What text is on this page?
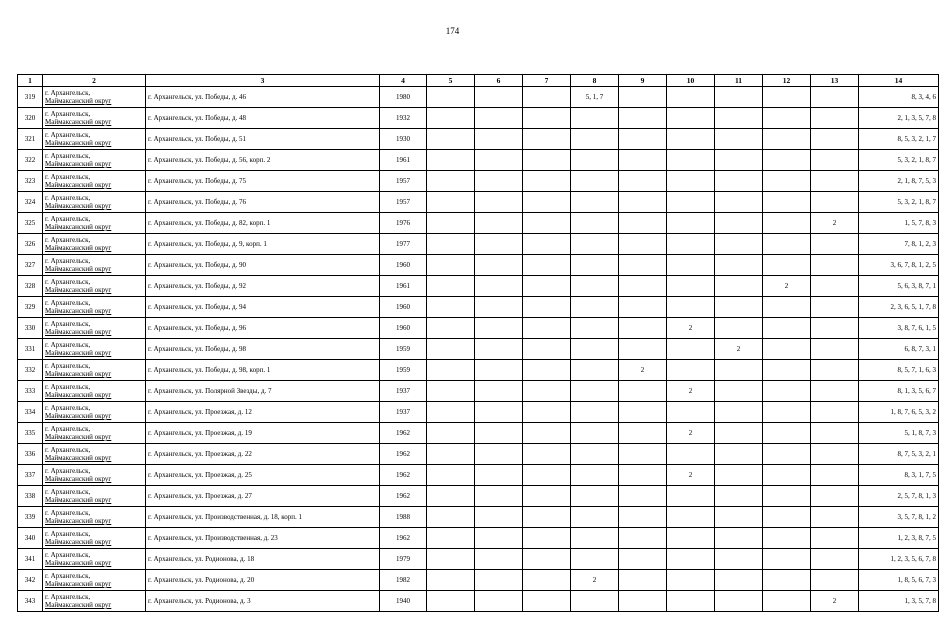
174
1	2	3	4	5	6	7	8	9	10	11	12	13	14
319	г. Архангельск,
Маймаксанский округ	г. Архангельск, ул. Победы, д. 46	1980				5, 1, 7						8, 3, 4, 6
320	г. Архангельск,
Маймаксанский округ	г. Архангельск, ул. Победы, д. 48	1932										2, 1, 3, 5, 7, 8
321	г. Архангельск,
Маймаксанский округ	г. Архангельск, ул. Победы, д. 51	1930										8, 5, 3, 2, 1, 7
322	г. Архангельск,
Маймаксанский округ	г. Архангельск, ул. Победы, д. 56, корп. 2	1961										5, 3, 2, 1, 8, 7
323	г. Архангельск,
Маймаксанский округ	г. Архангельск, ул. Победы, д. 75	1957										2, 1, 8, 7, 5, 3
324	г. Архангельск,
Маймаксанский округ	г. Архангельск, ул. Победы, д. 76	1957										5, 3, 2, 1, 8, 7
325	г. Архангельск,
Маймаксанский округ	г. Архангельск, ул. Победы, д. 82, корп. 1	1976									2	1, 5, 7, 8, 3
326	г. Архангельск,
Маймаксанский округ	г. Архангельск, ул. Победы, д. 9, корп. 1	1977										7, 8, 1, 2, 3
327	г. Архангельск,
Маймаксанский округ	г. Архангельск, ул. Победы, д. 90	1960										3, 6, 7, 8, 1, 2, 5
328	г. Архангельск,
Маймаксанский округ	г. Архангельск, ул. Победы, д. 92	1961								2		5, 6, 3, 8, 7, 1
329	г. Архангельск,
Маймаксанский округ	г. Архангельск, ул. Победы, д. 94	1960										2, 3, 6, 5, 1, 7, 8
330	г. Архангельск,
Маймаксанский округ	г. Архангельск, ул. Победы, д. 96	1960						2				3, 8, 7, 6, 1, 5
331	г. Архангельск,
Маймаксанский округ	г. Архангельск, ул. Победы, д. 98	1959							2			6, 8, 7, 3, 1
332	г. Архангельск,
Маймаксанский округ	г. Архангельск, ул. Победы, д. 98, корп. 1	1959					2					8, 5, 7, 1, 6, 3
333	г. Архангельск,
Маймаксанский округ	г. Архангельск, ул. Полярной Звезды, д. 7	1937						2				8, 1, 3, 5, 6, 7
334	г. Архангельск,
Маймаксанский округ	г. Архангельск, ул. Проезжая, д. 12	1937										1, 8, 7, 6, 5, 3, 2
335	г. Архангельск,
Маймаксанский округ	г. Архангельск, ул. Проезжая, д. 19	1962						2				5, 1, 8, 7, 3
336	г. Архангельск,
Маймаксанский округ	г. Архангельск, ул. Проезжая, д. 22	1962										8, 7, 5, 3, 2, 1
337	г. Архангельск,
Маймаксанский округ	г. Архангельск, ул. Проезжая, д. 25	1962						2				8, 3, 1, 7, 5
338	г. Архангельск,
Маймаксанский округ	г. Архангельск, ул. Проезжая, д. 27	1962										2, 5, 7, 8, 1, 3
339	г. Архангельск,
Маймаксанский округ	г. Архангельск, ул. Производственная, д. 18, корп. 1	1988										3, 5, 7, 8, 1, 2
340	г. Архангельск,
Маймаксанский округ	г. Архангельск, ул. Производственная, д. 23	1962										1, 2, 3, 8, 7, 5
341	г. Архангельск,
Маймаксанский округ	г. Архангельск, ул. Родионова, д. 18	1979										1, 2, 3, 5, 6, 7, 8
342	г. Архангельск,
Маймаксанский округ	г. Архангельск, ул. Родионова, д. 20	1982				2						1, 8, 5, 6, 7, 3
343	г. Архангельск,
Маймаксанский округ	г. Архангельск, ул. Родионова, д. 3	1940									2	1, 3, 5, 7, 8
